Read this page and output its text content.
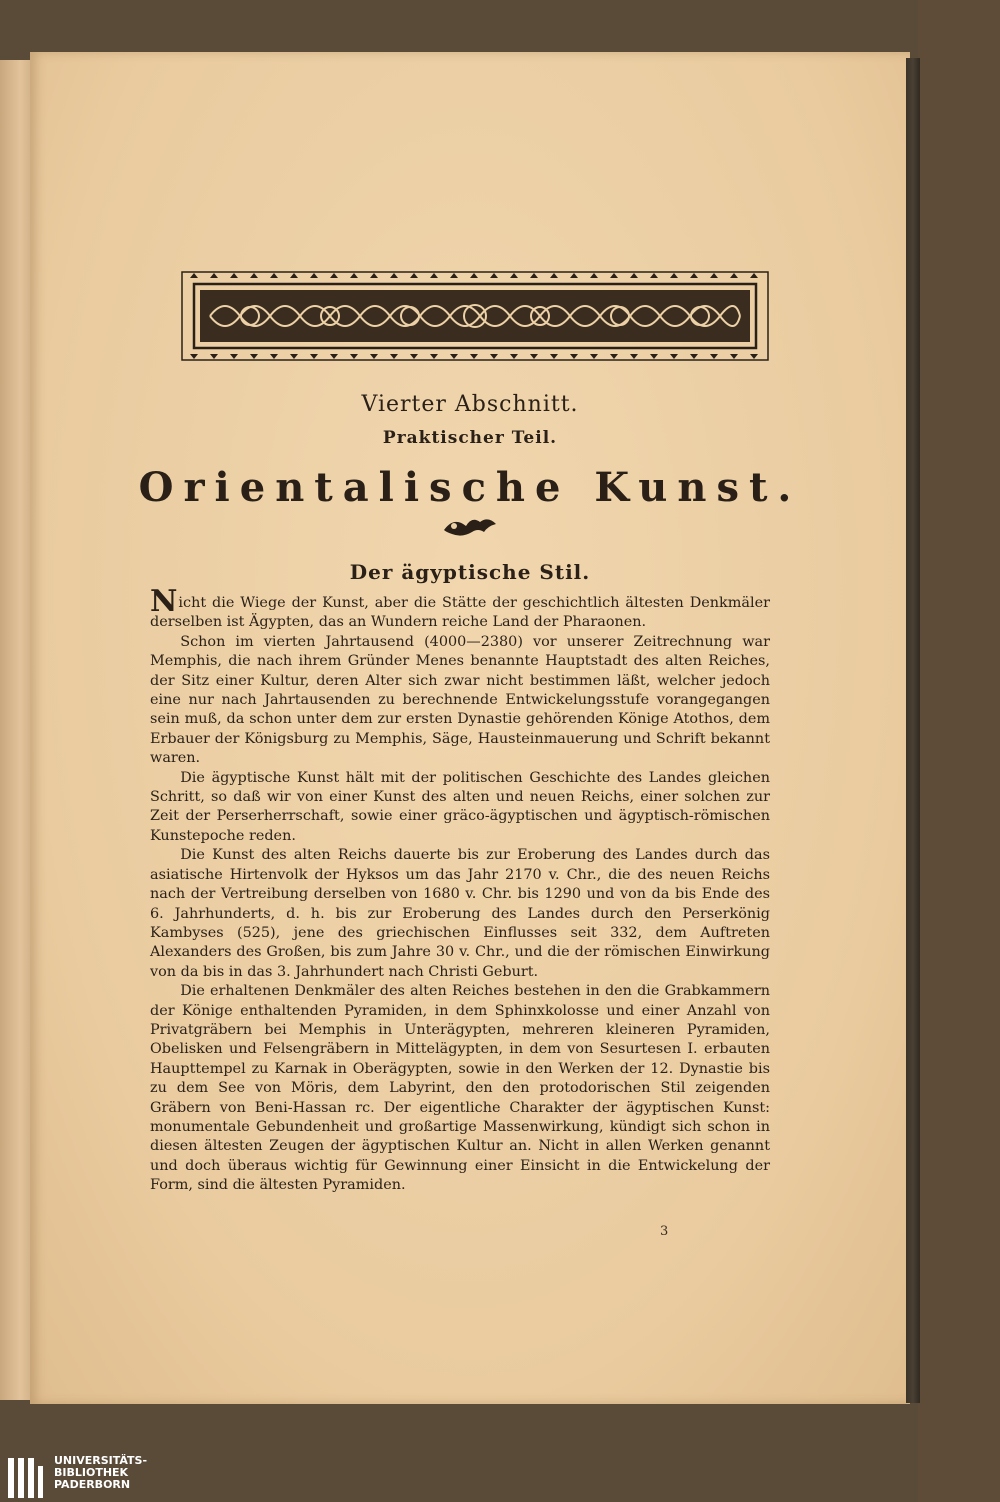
Vierter Abschnitt.
Praktischer Teil.
Orientalische Kunst.
Der ägyptische Stil.

Nicht die Wiege der Kunst, aber die Stätte der geschichtlich ältesten Denkmäler derselben ist Ägypten, das an Wundern reiche Land der Pharaonen.

Schon im vierten Jahrtausend (4000—2380) vor unserer Zeitrechnung war Memphis, die nach ihrem Gründer Menes benannte Hauptstadt des alten Reiches, der Sitz einer Kultur, deren Alter sich zwar nicht bestimmen läßt, welcher jedoch eine nur nach Jahrtausenden zu berechnende Entwickelungsstufe vorangegangen sein muß, da schon unter dem zur ersten Dynastie gehörenden Könige Atothos, dem Erbauer der Königsburg zu Memphis, Säge, Hausteinmauerung und Schrift bekannt waren.

Die ägyptische Kunst hält mit der politischen Geschichte des Landes gleichen Schritt, so daß wir von einer Kunst des alten und neuen Reichs, einer solchen zur Zeit der Perserherrschaft, sowie einer gräco-ägyptischen und ägyptisch-römischen Kunstepoche reden.

Die Kunst des alten Reichs dauerte bis zur Eroberung des Landes durch das asiatische Hirtenvolk der Hyksos um das Jahr 2170 v. Chr., die des neuen Reichs nach der Vertreibung derselben von 1680 v. Chr. bis 1290 und von da bis Ende des 6. Jahrhunderts, d. h. bis zur Eroberung des Landes durch den Perserkönig Kambyses (525), jene des griechischen Einflusses seit 332, dem Auftreten Alexanders des Großen, bis zum Jahre 30 v. Chr., und die der römischen Einwirkung von da bis in das 3. Jahrhundert nach Christi Geburt.

Die erhaltenen Denkmäler des alten Reiches bestehen in den die Grabkammern der Könige enthaltenden Pyramiden, in dem Sphinxkolosse und einer Anzahl von Privatgräbern bei Memphis in Unterägypten, mehreren kleineren Pyramiden, Obelisken und Felsengräbern in Mittelägypten, in dem von Sesurtesen I. erbauten Haupttempel zu Karnak in Oberägypten, sowie in den Werken der 12. Dynastie bis zu dem See von Möris, dem Labyrint, den den protodorischen Stil zeigenden Gräbern von Beni-Hassan rc. Der eigentliche Charakter der ägyptischen Kunst: monumentale Gebundenheit und großartige Massenwirkung, kündigt sich schon in diesen ältesten Zeugen der ägyptischen Kultur an. Nicht in allen Werken genannt und doch überaus wichtig für Gewinnung einer Einsicht in die Entwickelung der Form, sind die ältesten Pyramiden.

3
UNIVERSITÄTS-
BIBLIOTHEK
PADERBORN
